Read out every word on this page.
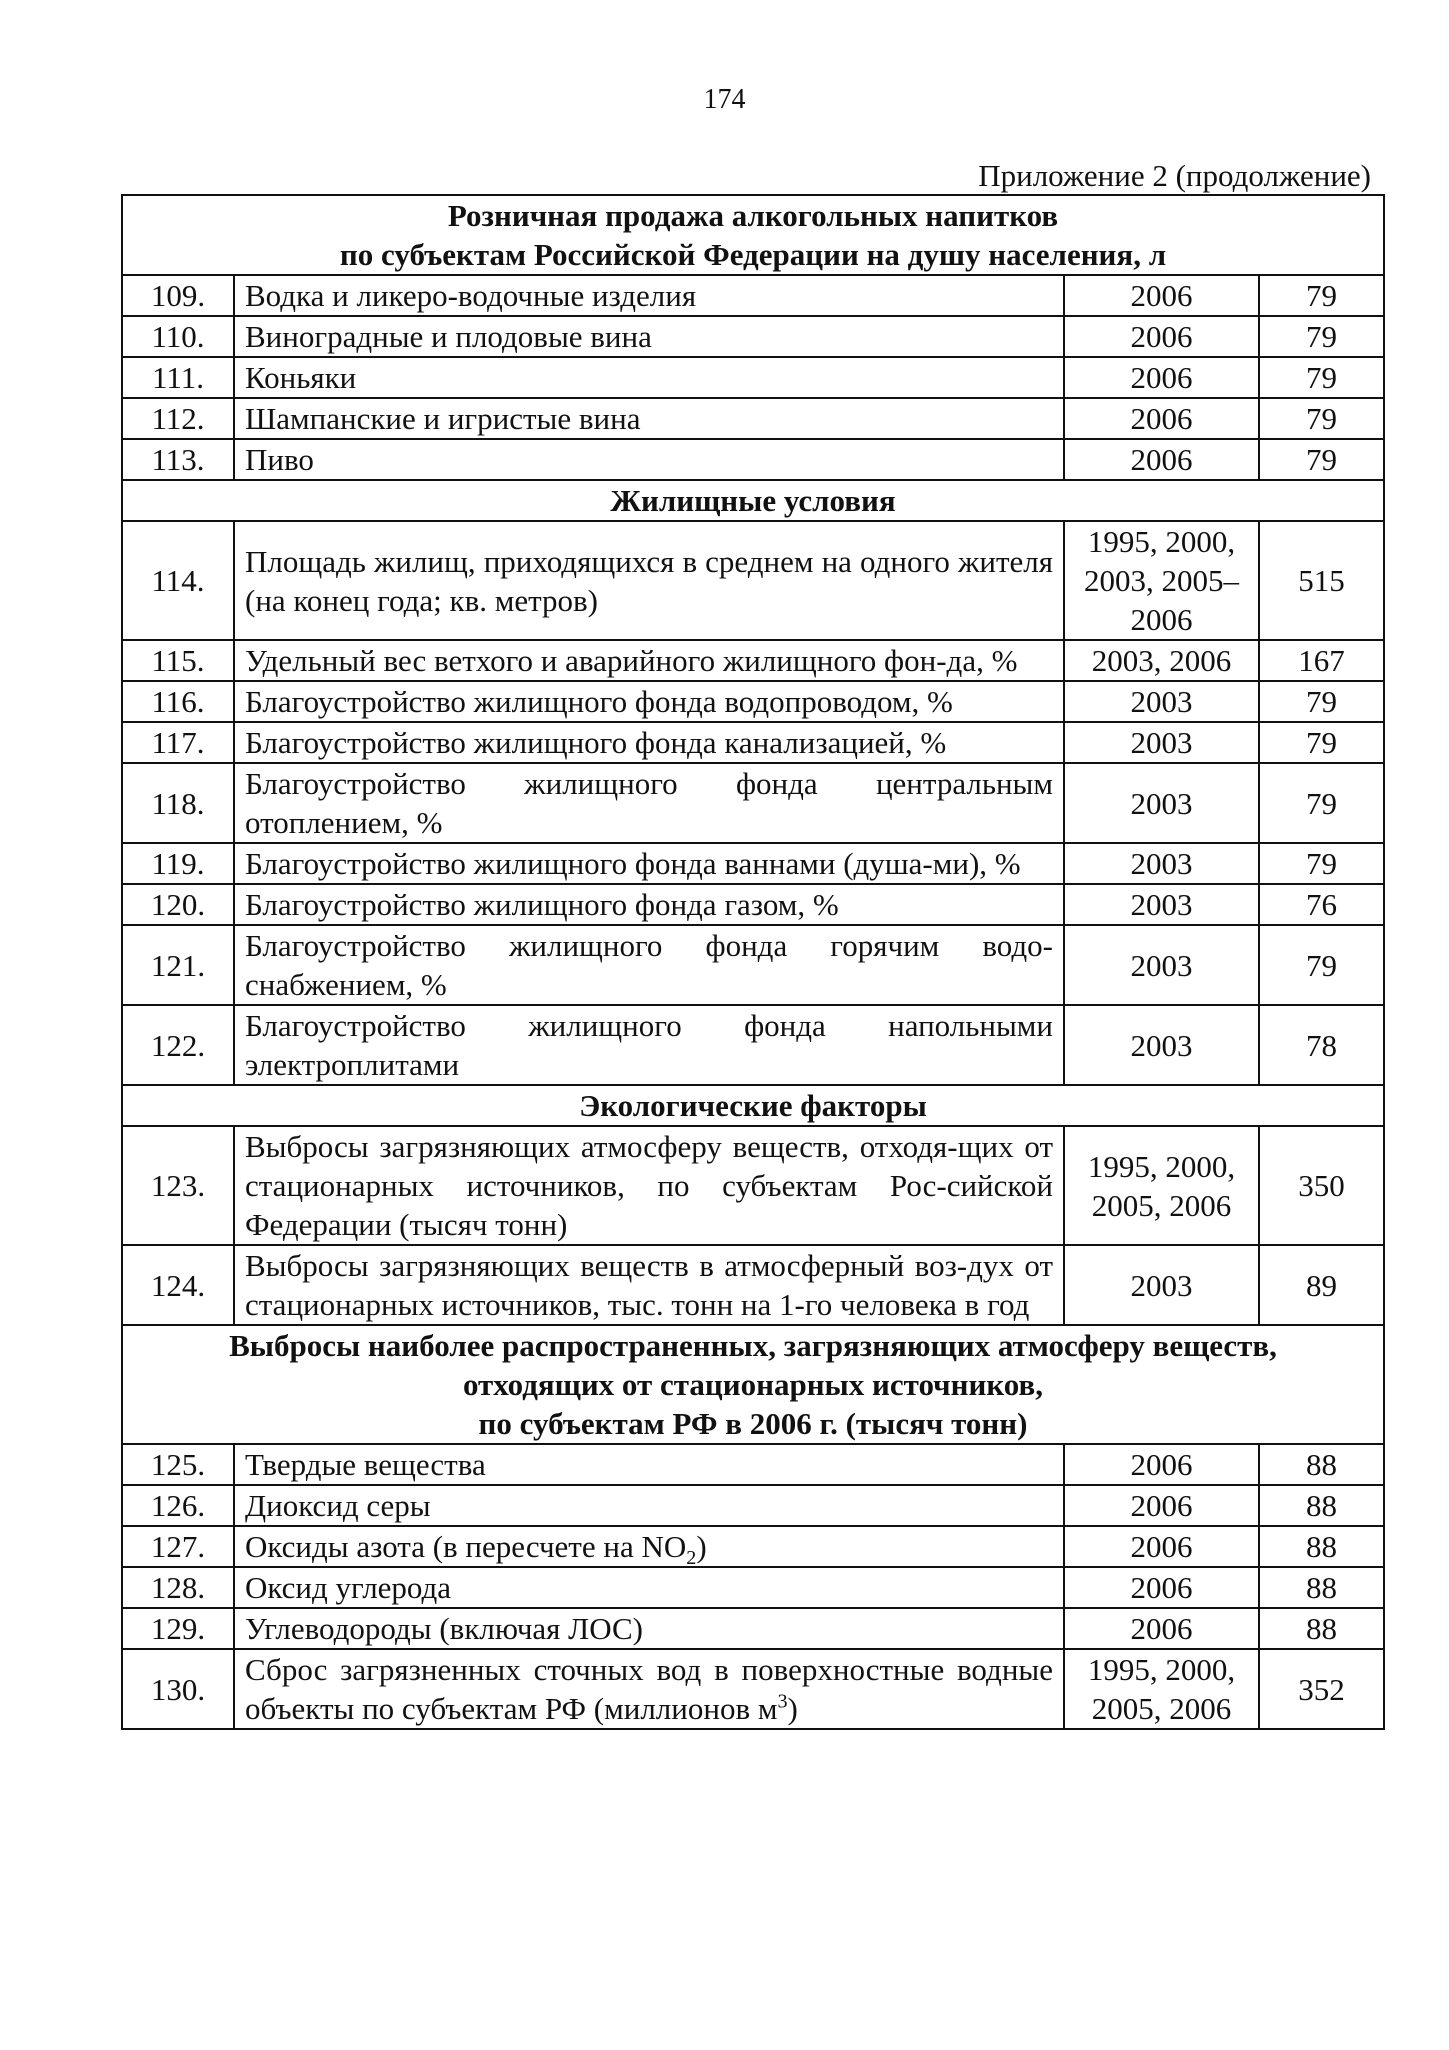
174
Приложение 2 (продолжение)
Розничная продажа алкогольных напитков
по субъектам Российской Федерации на душу населения, л			

109.	Водка и ликеро-водочные изделия	2006	79
110.	Виноградные и плодовые вина	2006	79
111.	Коньяки	2006	79
112.	Шампанские и игристые вина	2006	79
113.	Пиво	2006	79

Жилищные условия			

114.	Площадь жилищ, приходящихся в среднем на одного жителя (на конец года; кв. метров)	1995, 2000, 2003, 2005–2006	515
115.	Удельный вес ветхого и аварийного жилищного фон-да, %	2003, 2006	167
116.	Благоустройство жилищного фонда водопроводом, %	2003	79
117.	Благоустройство жилищного фонда канализацией, %	2003	79
118.	Благоустройство жилищного фонда центральным отоплением, %	2003	79
119.	Благоустройство жилищного фонда ваннами (душа-ми), %	2003	79
120.	Благоустройство жилищного фонда газом, %	2003	76
121.	Благоустройство жилищного фонда горячим водо-снабжением, %	2003	79
122.	Благоустройство жилищного фонда напольными электроплитами	2003	78

Экологические факторы			

123.	Выбросы загрязняющих атмосферу веществ, отходя-щих от стационарных источников, по субъектам Рос-сийской Федерации (тысяч тонн)	1995, 2000, 2005, 2006	350
124.	Выбросы загрязняющих веществ в атмосферный воз-дух от стационарных источников, тыс. тонн на 1-го человека в год	2003	89

Выбросы наиболее распространенных, загрязняющих атмосферу веществ,
отходящих от стационарных источников,
по субъектам РФ в 2006 г. (тысяч тонн)			

125.	Твердые вещества	2006	88
126.	Диоксид серы	2006	88
127.	Оксиды азота (в пересчете на $NO_2$)	2006	88
128.	Оксид углерода	2006	88
129.	Углеводороды (включая ЛОС)	2006	88
130.	Сброс загрязненных сточных вод в поверхностные водные объекты по субъектам РФ (миллионов $м^3$)	1995, 2000, 2005, 2006	352
